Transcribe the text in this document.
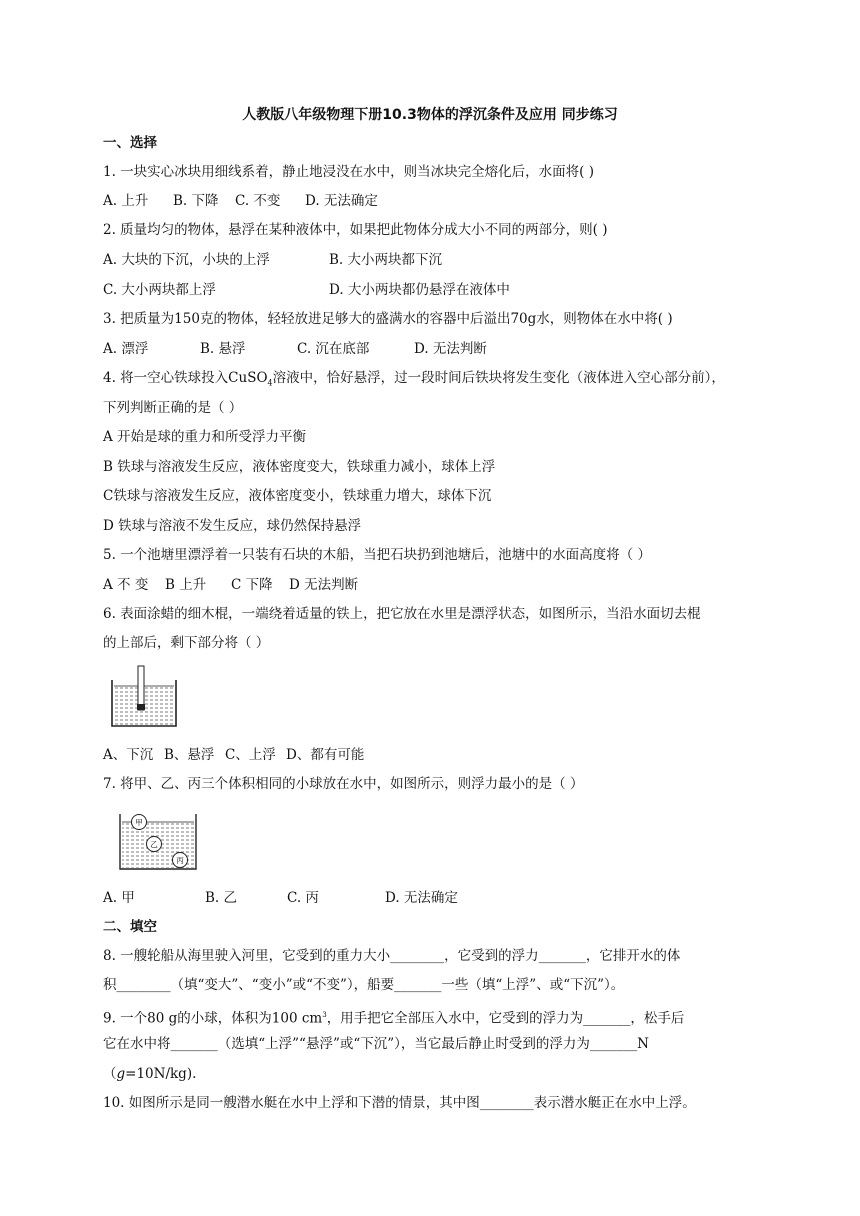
人教版八年级物理下册10.3物体的浮沉条件及应用 同步练习
一、选择
1. 一块实心冰块用细线系着，静止地浸没在水中，则当冰块完全熔化后，水面将( )
A. 上升 B. 下降 C. 不变 D. 无法确定
2. 质量均匀的物体，悬浮在某种液体中，如果把此物体分成大小不同的两部分，则( )
A. 大块的下沉，小块的上浮	B. 大小两块都下沉
C. 大小两块都上浮	D. 大小两块都仍悬浮在液体中
3. 把质量为150克的物体，轻轻放进足够大的盛满水的容器中后溢出70g水，则物体在水中将( )
A. 漂浮	B. 悬浮	C. 沉在底部	D. 无法判断
4. 将一空心铁球投入CuSO$_4$溶液中，恰好悬浮，过一段时间后铁块将发生变化（液体进入空心部分前），
下列判断正确的是（ ）
A 开始是球的重力和所受浮力平衡
B 铁球与溶液发生反应，液体密度变大，铁球重力减小，球体上浮
C铁球与溶液发生反应，液体密度变小，铁球重力增大，球体下沉
D 铁球与溶液不发生反应，球仍然保持悬浮
5. 一个池塘里漂浮着一只装有石块的木船，当把石块扔到池塘后，池塘中的水面高度将（ ）
A 不 变 B 上升 C 下降 D 无法判断
6. 表面涂蜡的细木棍，一端绕着适量的铁上，把它放在水里是漂浮状态，如图所示，当沿水面切去棍
的上部后，剩下部分将（ ）
A、下沉 B、悬浮 C、上浮 D、都有可能
7. 将甲、乙、丙三个体积相同的小球放在水中，如图所示，则浮力最小的是（ ）
甲
乙
丙
A. 甲	B. 乙	C. 丙	D. 无法确定
二、填空
8. 一艘轮船从海里驶入河里，它受到的重力大小________，它受到的浮力_______，它排开水的体
积________（填“变大”、“变小”或“不变”），船要_______一些（填“上浮”、或“下沉”）。
9. 一个80 g的小球，体积为100 $cm^3$，用手把它全部压入水中，它受到的浮力为_______，松手后
它在水中将_______（选填“上浮”“悬浮”或“下沉”），当它最后静止时受到的浮力为_______N
（g=10N/kg).
10. 如图所示是同一艘潜水艇在水中上浮和下潜的情景，其中图________表示潜水艇正在水中上浮。
